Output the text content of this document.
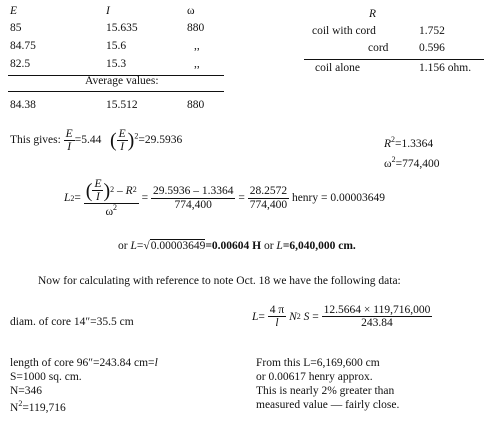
E	I	ω
85	15.635	880
84.75	15.6	,,
82.5	15.3	,,
Average values:
84.38	15.512	880
R
coil with cord	1.752
cord	0.596
coil alone	1.156 ohm.
This gives: $\frac{E}{I} =5.44$ ( $\frac{E}{I} )^2=29.5936$	$R^2=1.3364$
$\omega^2=774,400$
L 2 =
( $\frac{E}{I}$ ) 2
–
R 2
$\omega^2 = \frac{29.5936 - 1.3364}{774,400} = \frac{28.2572}{774,400}$
henry = 0.00003649
or L=√0.00003649=0.00604 H or L=6,040,000 cm.
Now for calculating with reference to note Oct. 18 we have the following data:
diam. of core 14″=35.5 cm
length of core 96″=243.84 cm=l
S=1000 sq. cm.
N=346
$N^2=119,716$
L =
$\frac{4 \pi}{l}$
N 2
$S = \frac{12.5664 \times 119,716,000}{243.84}$
From this L=6,169,600 cm
or 0.00617 henry approx.
This is nearly 2% greater than
measured value — fairly close.
